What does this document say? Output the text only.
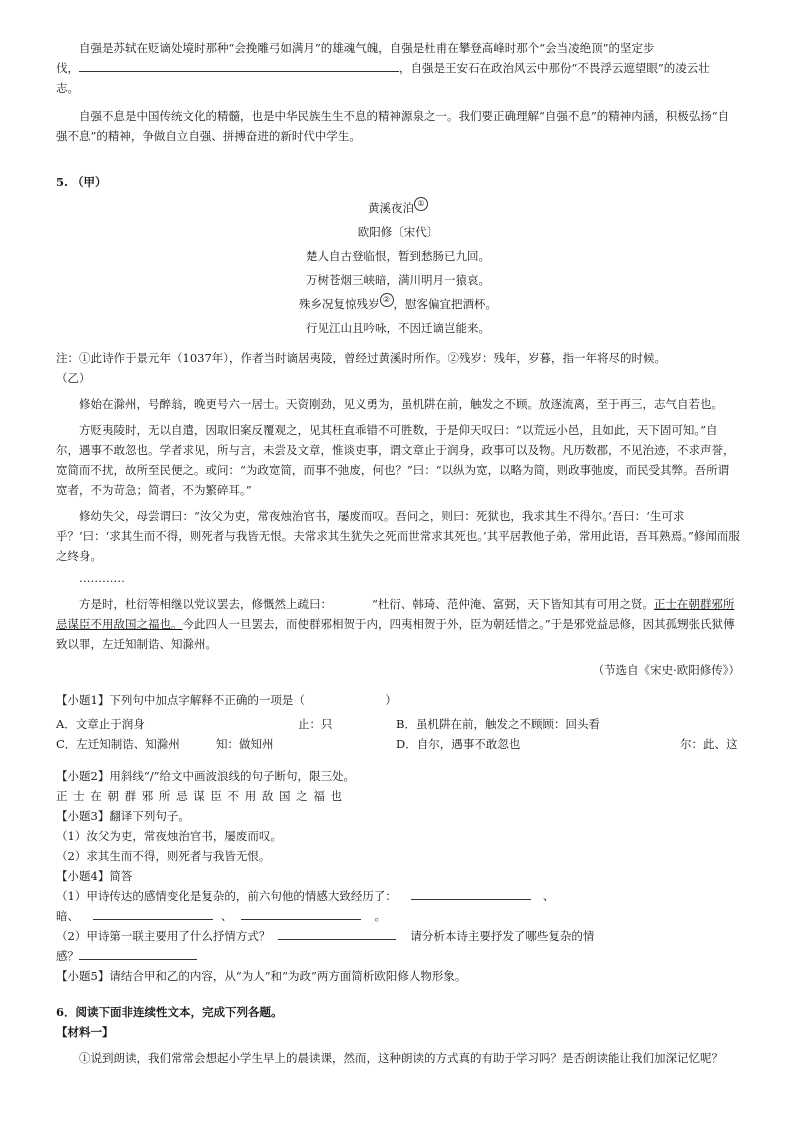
自强是苏轼在贬谪处境时那种“会挽雕弓如满月”的雄魂气魄，自强是杜甫在攀登高峰时那个“会当凌绝顶”的坚定步

伐，	，自强是王安石在政治风云中那份“不畏浮云遮望眼”的凌云壮

志。

自强不息是中国传统文化的精髓，也是中华民族生生不息的精神源泉之一。我们要正确理解“自强不息”的精神内涵，积极弘扬“自强不息”的精神，争做自立自强、拼搏奋进的新时代中学生。

5. （甲）

黄溪夜泊 ①

欧阳修〔宋代〕

楚人自古登临恨，暂到愁肠已九回。

万树苍烟三峡暗，满川明月一猿哀。

殊乡况复惊残岁 ② ，慰客偏宜把酒杯。

行见江山且吟咏，不因迁谪岂能来。

注：①此诗作于景元年（1037年），作者当时谪居夷陵，曾经过黄溪时所作。②残岁：残年，岁暮，指一年将尽的时候。

（乙）

修始在滁州，号醉翁，晚更号六一居士。天资刚劲，见义勇为，虽机阱在前，触发之不顾。放逐流离，至于再三，志气自若也。

方贬夷陵时，无以自遣，因取旧案反覆观之，见其枉直乖错不可胜数，于是仰天叹曰：“以荒远小邑，且如此，天下固可知。”自尔，遇事不敢忽也。学者求见，所与言，未尝及文章，惟谈吏事，谓文章止于润身，政事可以及物。凡历数郡，不见治迹，不求声誉，宽简而不扰，故所至民便之。或问：“为政宽简，而事不弛废，何也？”曰：“以纵为宽，以略为简，则政事弛废，而民受其弊。吾所谓宽者，不为苛急；简者，不为繁碎耳。”

修幼失父，母尝谓曰：“汝父为吏，常夜烛治官书，屡废而叹。吾问之，则曰：死狱也，我求其生不得尔。’吾曰：‘生可求乎？’曰：‘求其生而不得，则死者与我皆无恨。夫常求其生犹失之死而世常求其死也。’其平居教他子弟，常用此语，吾耳熟焉。”修闻而服之终身。

…………

方是时，杜衍等相继以党议罢去，修慨然上疏曰：	“杜衍、韩琦、范仲淹、富弼，天下皆知其有可用之贤。正士在朝群邪所忌谋臣不用敌国之福也。今此四人一旦罢去，而使群邪相贺于内，四夷相贺于外，臣为朝廷惜之。”于是邪党益忌修，因其孤甥张氏狱傅致以罪，左迁知制诰、知滁州。

（节选自《宋史·欧阳修传》）

【小题1】下列句中加点字解释不正确的一项是（　　　　　　　）

A．文章止于润身	止：只	B．虽机阱在前，触发之不顾顾：回头看
C．左迁知制诰、知滁州	知：做知州	D．自尔，遇事不敢忽也	尔：此、这

【小题2】用斜线“/”给文中画波浪线的句子断句，限三处。

正 士 在 朝 群 邪 所 忌 谋 臣 不 用 敌 国 之 福 也

【小题3】翻译下列句子。

（1）汝父为吏，常夜烛治官书，屡废而叹。

（2）求其生而不得，则死者与我皆无恨。

【小题4】简答

（1）甲诗传达的感情变化是复杂的，前六句他的情感大致经历了：	、

暗、	、	。

（2）甲诗第一联主要用了什么抒情方式？	请分析本诗主要抒发了哪些复杂的情

感？

【小题5】请结合甲和乙的内容，从“为人”和“为政”两方面简析欧阳修人物形象。

6．阅读下面非连续性文本，完成下列各题。

【材料一】

①说到朗读，我们常常会想起小学生早上的晨读课，然而，这种朗读的方式真的有助于学习吗？是否朗读能让我们加深记忆呢？
